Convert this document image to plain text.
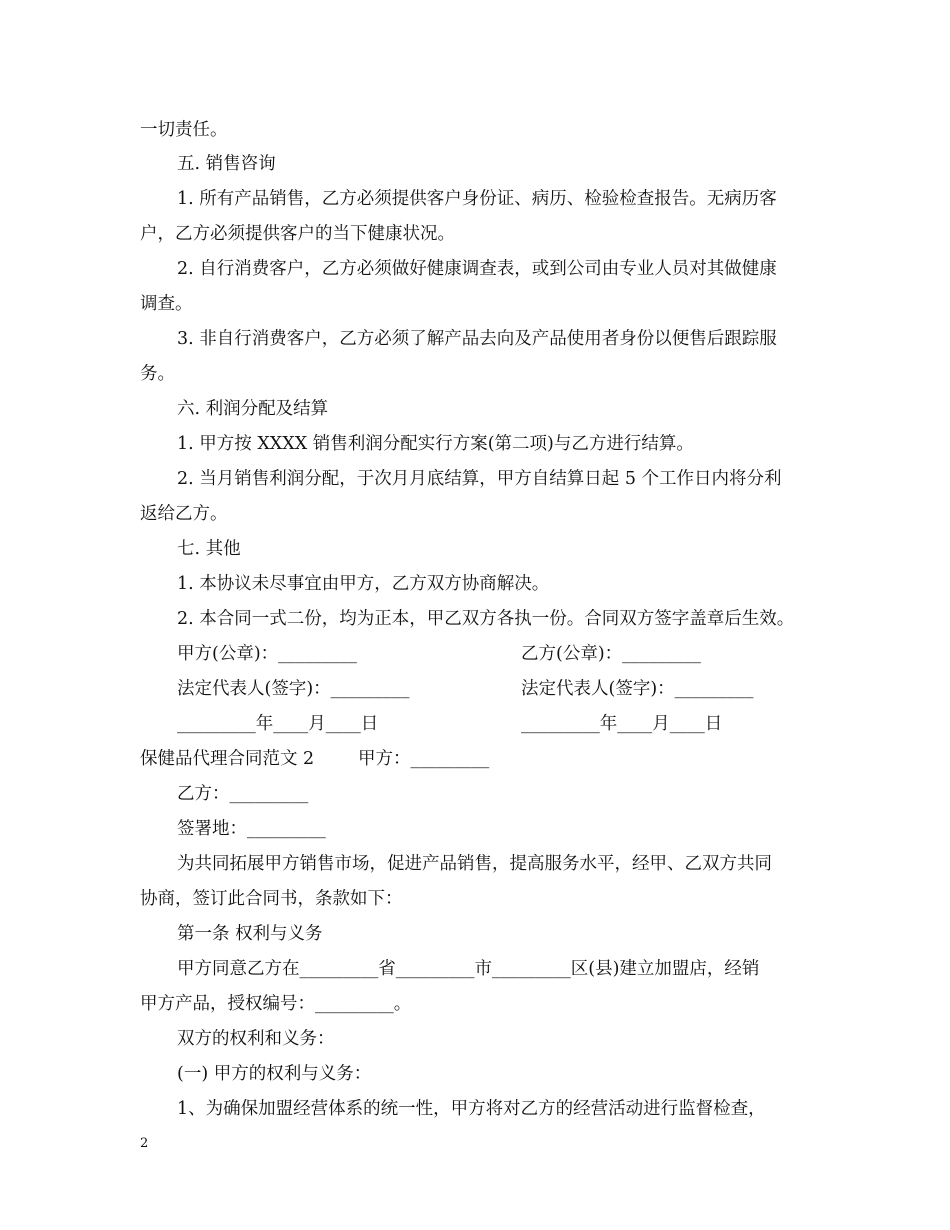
一切责任。
五. 销售咨询
1. 所有产品销售，乙方必须提供客户身份证、病历、检验检查报告。无病历客
户，乙方必须提供客户的当下健康状况。
2. 自行消费客户，乙方必须做好健康调查表，或到公司由专业人员对其做健康
调查。
3. 非自行消费客户，乙方必须了解产品去向及产品使用者身份以便售后跟踪服
务。
六. 利润分配及结算
1. 甲方按 XXXX 销售利润分配实行方案(第二项)与乙方进行结算。
2. 当月销售利润分配，于次月月底结算，甲方自结算日起 5 个工作日内将分利
返给乙方。
七. 其他
1. 本协议未尽事宜由甲方，乙方双方协商解决。
2. 本合同一式二份，均为正本，甲乙双方各执一份。合同双方签字盖章后生效。
甲方(公章)：_________	乙方(公章)：_________
法定代表人(签字)：_________	法定代表人(签字)：_________
_________年____月____日	_________年____月____日
保健品代理合同范文 2	甲方：_________
乙方：_________
签署地：_________
为共同拓展甲方销售市场，促进产品销售，提高服务水平，经甲、乙双方共同
协商，签订此合同书，条款如下：
第一条 权利与义务
甲方同意乙方在_________省_________市_________区(县)建立加盟店，经销
甲方产品，授权编号：_________。
双方的权利和义务：
(一) 甲方的权利与义务：
1、为确保加盟经营体系的统一性，甲方将对乙方的经营活动进行监督检查，
2
